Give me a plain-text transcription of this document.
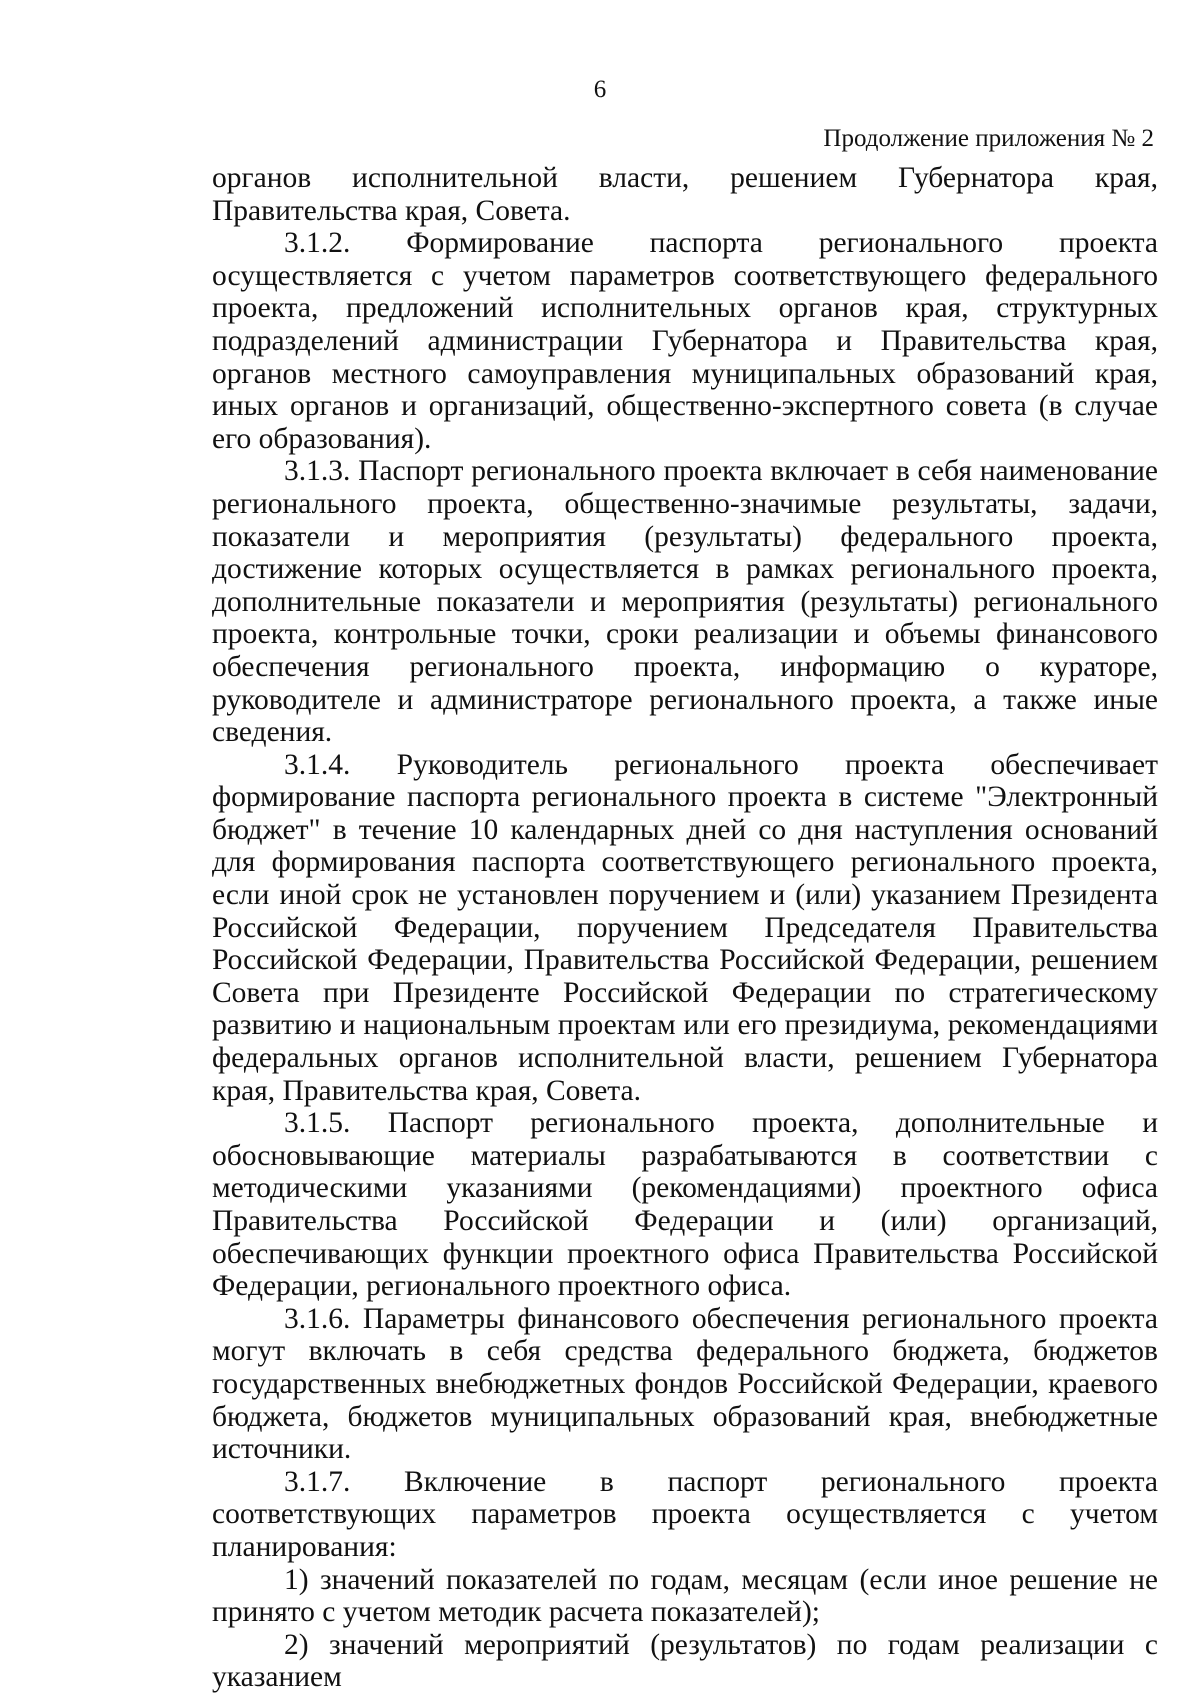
6
Продолжение приложения № 2

органов исполнительной власти, решением Губернатора края, Правительства края, Совета.

3.1.2. Формирование паспорта регионального проекта осуществляется с учетом параметров соответствующего федерального проекта, предложений исполнительных органов края, структурных подразделений администрации Губернатора и Правительства края, органов местного самоуправления муниципальных образований края, иных органов и организаций, общественно-экспертного совета (в случае его образования).

3.1.3. Паспорт регионального проекта включает в себя наименование регионального проекта, общественно-значимые результаты, задачи, показатели и мероприятия (результаты) федерального проекта, достижение которых осуществляется в рамках регионального проекта, дополнительные показатели и мероприятия (результаты) регионального проекта, контрольные точки, сроки реализации и объемы финансового обеспечения регионального проекта, информацию о кураторе, руководителе и администраторе регионального проекта, а также иные сведения.

3.1.4. Руководитель регионального проекта обеспечивает формирование паспорта регионального проекта в системе "Электронный бюджет" в течение 10 календарных дней со дня наступления оснований для формирования паспорта соответствующего регионального проекта, если иной срок не установлен поручением и (или) указанием Президента Российской Федерации, поручением Председателя Правительства Российской Федерации, Правительства Российской Федерации, решением Совета при Президенте Российской Федерации по стратегическому развитию и национальным проектам или его президиума, рекомендациями федеральных органов исполнительной власти, решением Губернатора края, Правительства края, Совета.

3.1.5. Паспорт регионального проекта, дополнительные и обосновывающие материалы разрабатываются в соответствии с методическими указаниями (рекомендациями) проектного офиса Правительства Российской Федерации и (или) организаций, обеспечивающих функции проектного офиса Правительства Российской Федерации, регионального проектного офиса.

3.1.6. Параметры финансового обеспечения регионального проекта могут включать в себя средства федерального бюджета, бюджетов государственных внебюджетных фондов Российской Федерации, краевого бюджета, бюджетов муниципальных образований края, внебюджетные источники.

3.1.7. Включение в паспорт регионального проекта соответствующих параметров проекта осуществляется с учетом планирования:

1) значений показателей по годам, месяцам (если иное решение не принято с учетом методик расчета показателей);

2) значений мероприятий (результатов) по годам реализации с указанием
